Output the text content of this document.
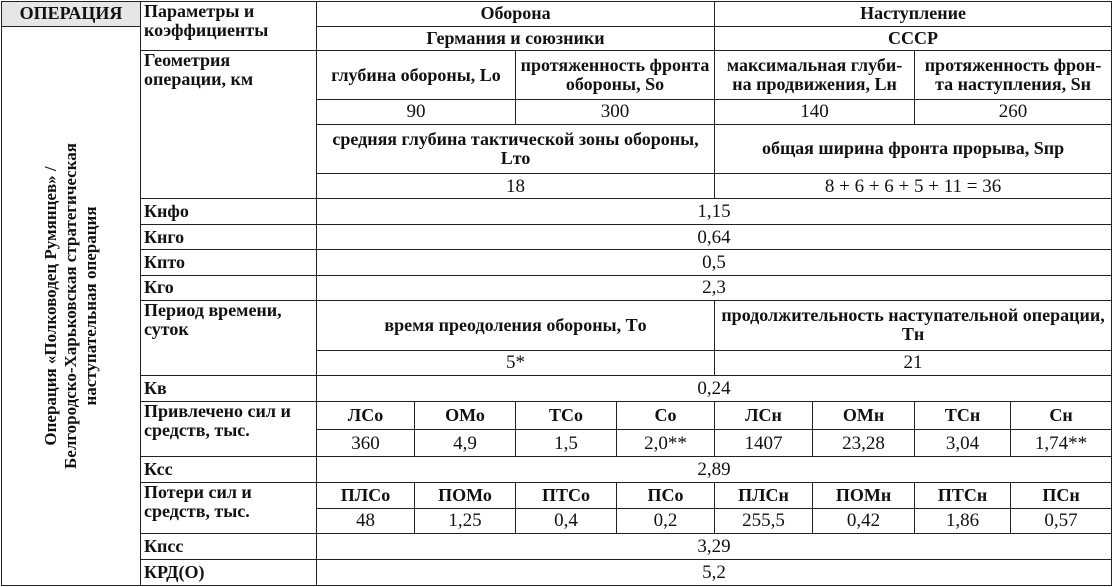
ОПЕРАЦИЯ	Параметры и коэффициенты	Оборона				Наступление			

Операция «Полководец Румянцев» / Белгородско-Харьковская стратегическая наступательная операция		Германия и союзники				СССР			
	Геометрия операции, км	глубина обороны, Lо		протяженность фронта обороны, Sо		максимальная глуби- на продвижения, Lн		протяженность фрон- та наступления, Sн	
		90		300		140		260	
		средняя глубина тактической зоны обороны, Lто				общая ширина фронта прорыва, Sпр			
		18				8 + 6 + 6 + 5 + 11 = 36			
	Кнфо	1,15							
	Кнго	0,64							
	Кпто	0,5							
	Кго	2,3							
	Период времени, суток	время преодоления обороны, Tо				продолжительность наступательной операции, Tн			
		5*				21			
	Кв	0,24							
	Привлечено сил и средств, тыс.	ЛСо	ОМо	ТСо	Со	ЛСн	ОМн	ТСн	Сн
		360	4,9	1,5	2,0**	1407	23,28	3,04	1,74**
	Ксс	2,89							
	Потери сил и средств, тыс.	ПЛСо	ПОМо	ПТСо	ПСо	ПЛСн	ПОМн	ПТСн	ПСн
		48	1,25	0,4	0,2	255,5	0,42	1,86	0,57
	Кпсс	3,29							
	КРД(О)	5,2							
